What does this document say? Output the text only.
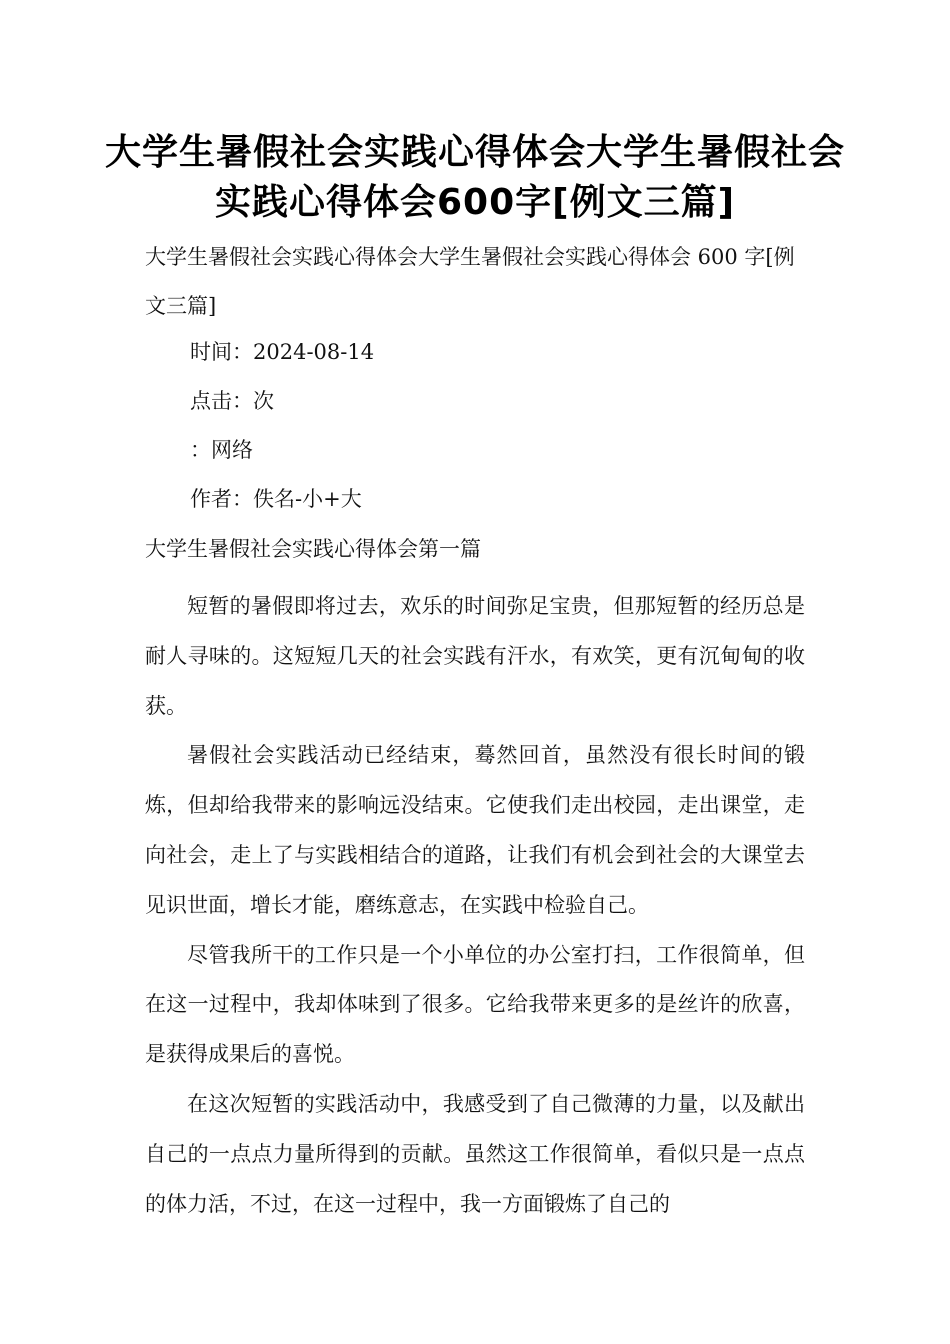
大学生暑假社会实践心得体会大学生暑假社会实践心得体会600字[例文三篇]

大学生暑假社会实践心得体会大学生暑假社会实践心得体会 600 字[例文三篇]

时间：2024-08-14

点击：次

：网络

作者：佚名-小+大

大学生暑假社会实践心得体会第一篇

短暂的暑假即将过去，欢乐的时间弥足宝贵，但那短暂的经历总是耐人寻味的。这短短几天的社会实践有汗水，有欢笑，更有沉甸甸的收获。

暑假社会实践活动已经结束，蓦然回首，虽然没有很长时间的锻炼，但却给我带来的影响远没结束。它使我们走出校园，走出课堂，走向社会，走上了与实践相结合的道路，让我们有机会到社会的大课堂去见识世面，增长才能，磨练意志，在实践中检验自己。

尽管我所干的工作只是一个小单位的办公室打扫，工作很简单，但在这一过程中，我却体味到了很多。它给我带来更多的是丝许的欣喜，是获得成果后的喜悦。

在这次短暂的实践活动中，我感受到了自己微薄的力量，以及献出自己的一点点力量所得到的贡献。虽然这工作很简单，看似只是一点点的体力活，不过，在这一过程中，我一方面锻炼了自己的
